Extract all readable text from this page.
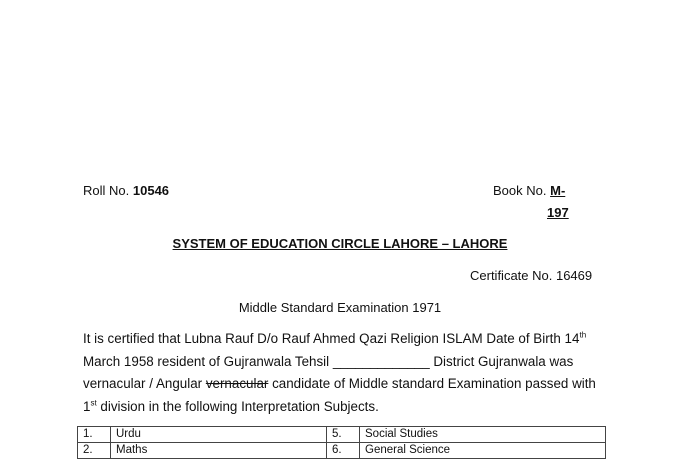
Roll No. 10546	Book No. M-
197
SYSTEM OF EDUCATION CIRCLE LAHORE – LAHORE
Certificate No. 16469
Middle Standard Examination 1971
It is certified that Lubna Rauf D/o Rauf Ahmed Qazi Religion ISLAM Date of Birth 14th March 1958 resident of Gujranwala Tehsil _____________ District Gujranwala was vernacular / Angular vernacular candidate of Middle standard Examination passed with 1st division in the following Interpretation Subjects.
1.	Urdu	5.	Social Studies
2.	Maths	6.	General Science
